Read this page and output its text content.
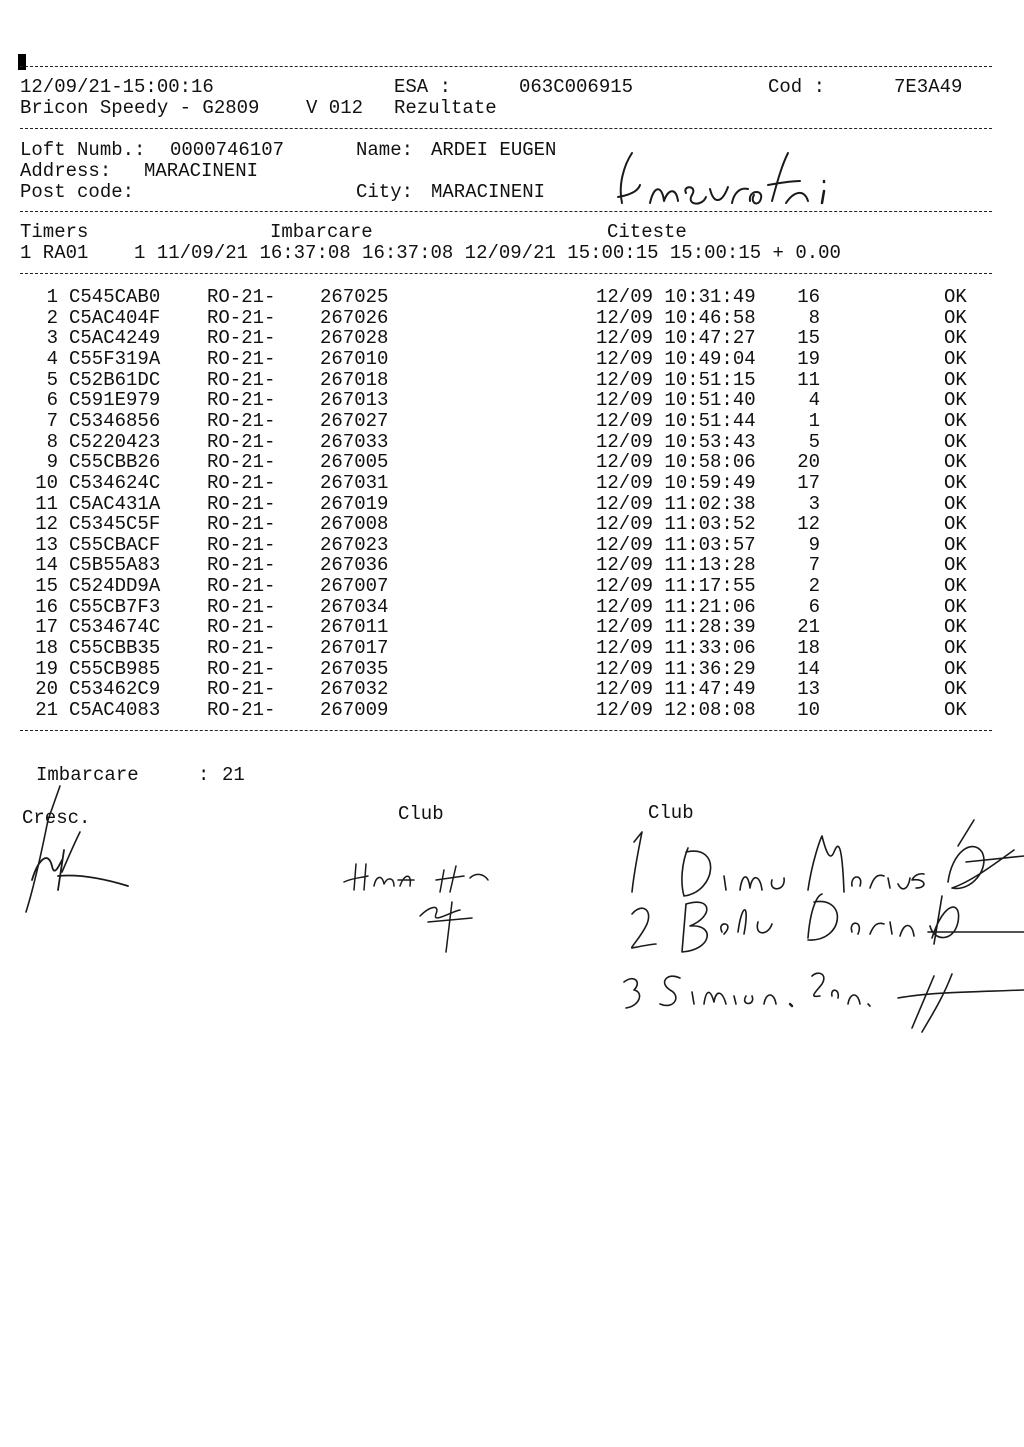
12/09/21-15:00:16	ESA :	063C006915	Cod :	7E3A49
Bricon Speedy - G2809 V 012 Rezultate
Loft Numb.: 0000746107	Name: ARDEI EUGEN
Address: MARACINENI
Post code:	City: MARACINENI
Timers	Imbarcare	Citeste
1 RA01    1 11/09/21 16:37:08 16:37:08 12/09/21 15:00:15 15:00:15 + 0.00
1 C545CAB0 RO-21- 267025	12/09 10:31:49	16	OK
2 C5AC404F RO-21- 267026	12/09 10:46:58	8	OK
3 C5AC4249 RO-21- 267028	12/09 10:47:27	15	OK
4 C55F319A RO-21- 267010	12/09 10:49:04	19	OK
5 C52B61DC RO-21- 267018	12/09 10:51:15	11	OK
6 C591E979 RO-21- 267013	12/09 10:51:40	4	OK
7 C5346856 RO-21- 267027	12/09 10:51:44	1	OK
8 C5220423 RO-21- 267033	12/09 10:53:43	5	OK
9 C55CBB26 RO-21- 267005	12/09 10:58:06	20	OK
10 C534624C RO-21- 267031	12/09 10:59:49	17	OK
11 C5AC431A RO-21- 267019	12/09 11:02:38	3	OK
12 C5345C5F RO-21- 267008	12/09 11:03:52	12	OK
13 C55CBACF RO-21- 267023	12/09 11:03:57	9	OK
14 C5B55A83 RO-21- 267036	12/09 11:13:28	7	OK
15 C524DD9A RO-21- 267007	12/09 11:17:55	2	OK
16 C55CB7F3 RO-21- 267034	12/09 11:21:06	6	OK
17 C534674C RO-21- 267011	12/09 11:28:39	21	OK
18 C55CBB35 RO-21- 267017	12/09 11:33:06	18	OK
19 C55CB985 RO-21- 267035	12/09 11:36:29	14	OK
20 C53462C9 RO-21- 267032	12/09 11:47:49	13	OK
21 C5AC4083 RO-21- 267009	12/09 12:08:08	10	OK
Imbarcare	: 21
Cresc.	Club	Club
